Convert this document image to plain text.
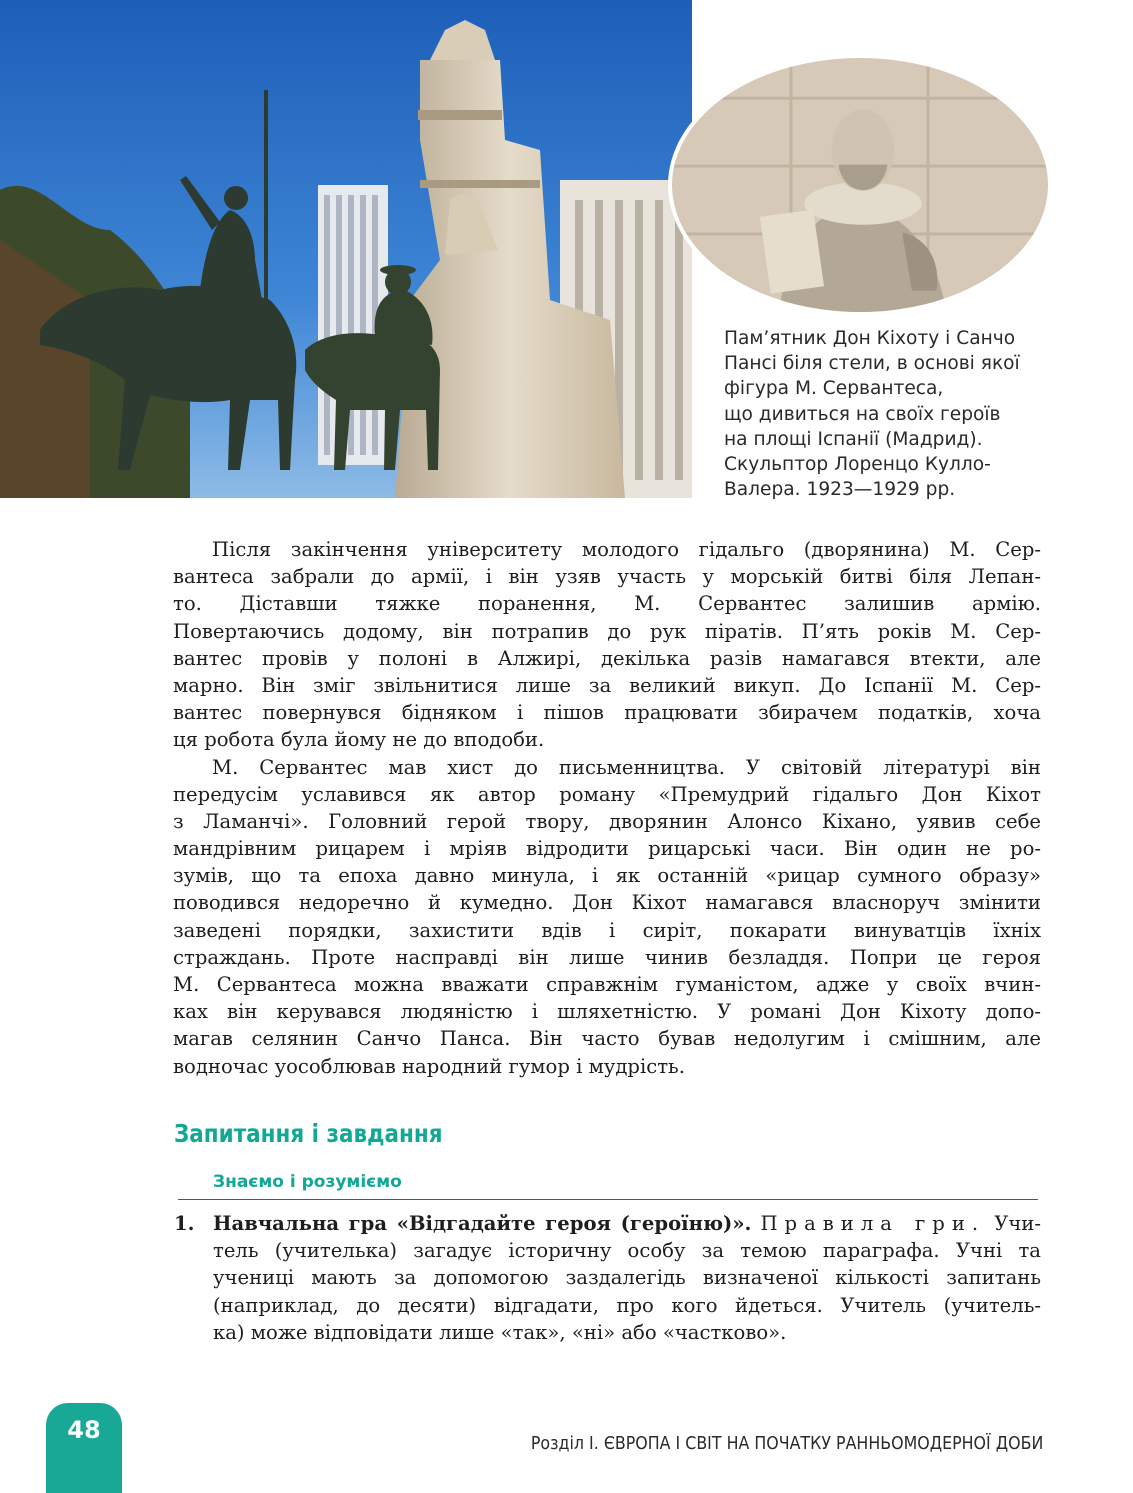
Пам’ятник Дон Кіхоту і Санчо
Пансі біля стели, в основі якої
фігура М. Сервантеса,
що дивиться на своїх героїв
на площі Іспанії (Мадрид).
Скульптор Лоренцо Кулло-
Валера. 1923—1929 рр.
Після закінчення університету молодого гідальго (дворянина) М. Сер-
вантеса забрали до армії, і він узяв участь у морській битві біля Лепан-
то. Діставши тяжке поранення, М. Сервантес залишив армію.
Повертаючись додому, він потрапив до рук піратів. П’ять років М. Сер-
вантес провів у полоні в Алжирі, декілька разів намагався втекти, але
марно. Він зміг звільнитися лише за великий викуп. До Іспанії М. Сер-
вантес повернувся бідняком і пішов працювати збирачем податків, хоча
ця робота була йому не до вподоби.
М. Сервантес мав хист до письменництва. У світовій літературі він
передусім уславився як автор роману «Премудрий гідальго Дон Кіхот
з Ламанчі». Головний герой твору, дворянин Алонсо Кіхано, уявив себе
мандрівним рицарем і мріяв відродити рицарські часи. Він один не ро-
зумів, що та епоха давно минула, і як останній «рицар сумного образу»
поводився недоречно й кумедно. Дон Кіхот намагався власноруч змінити
заведені порядки, захистити вдів і сиріт, покарати винуватців їхніх
страждань. Проте насправді він лише чинив безладдя. Попри це героя
М. Сервантеса можна вважати справжнім гуманістом, адже у своїх вчин-
ках він керувався людяністю і шляхетністю. У романі Дон Кіхоту допо-
магав селянин Санчо Панса. Він часто бував недолугим і смішним, але
водночас уособлював народний гумор і мудрість.
Запитання і завдання
Знаємо і розуміємо
1. Навчальна гра «Відгадайте героя (героїню)». Правила гри. Учи-
тель (учителька) загадує історичну особу за темою параграфа. Учні та
учениці мають за допомогою заздалегідь визначеної кількості запитань
(наприклад, до десяти) відгадати, про кого йдеться. Учитель (учитель-
ка) може відповідати лише «так», «ні» або «частково».
48	Розділ І. ЄВРОПА І СВІТ НА ПОЧАТКУ РАННЬОМОДЕРНОЇ ДОБИ
